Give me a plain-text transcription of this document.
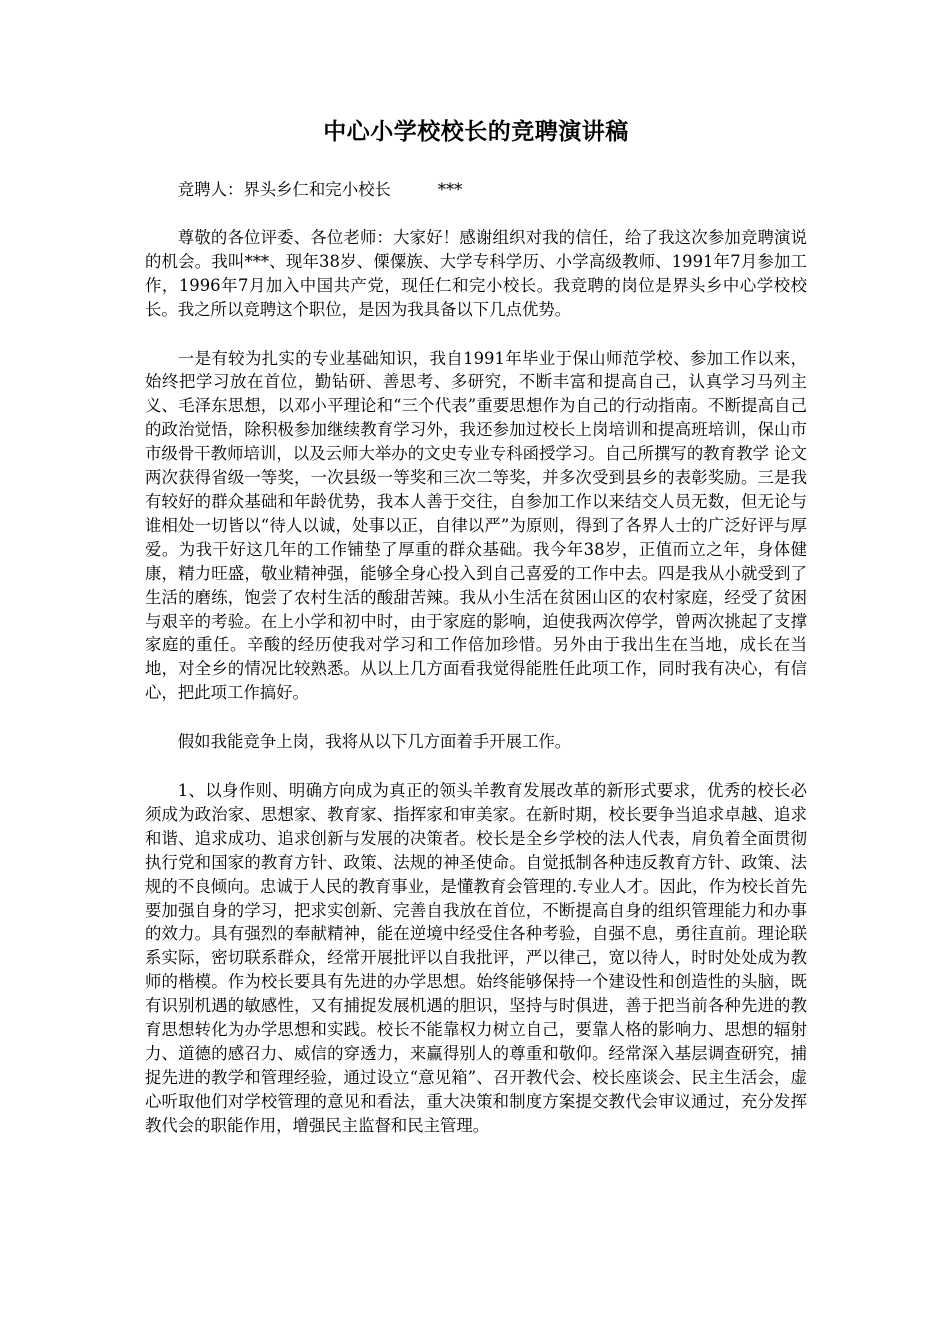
中心小学校校长的竞聘演讲稿

竞聘人：界头乡仁和完小校长         ***

尊敬的各位评委、各位老师：大家好！感谢组织对我的信任，给了我这次参加竞聘演说的机会。我叫***、现年38岁、傈僳族、大学专科学历、小学高级教师、1991年7月参加工作，1996年7月加入中国共产党，现任仁和完小校长。我竞聘的岗位是界头乡中心学校校长。我之所以竞聘这个职位，是因为我具备以下几点优势。

一是有较为扎实的专业基础知识，我自1991年毕业于保山师范学校、参加工作以来，始终把学习放在首位，勤钻研、善思考、多研究，不断丰富和提高自己，认真学习马列主义、毛泽东思想，以邓小平理论和“三个代表”重要思想作为自己的行动指南。不断提高自己的政治觉悟，除积极参加继续教育学习外，我还参加过校长上岗培训和提高班培训，保山市市级骨干教师培训，以及云师大举办的文史专业专科函授学习。自己所撰写的教育教学 论文 两次获得省级一等奖，一次县级一等奖和三次二等奖，并多次受到县乡的表彰奖励。三是我有较好的群众基础和年龄优势，我本人善于交往，自参加工作以来结交人员无数，但无论与谁相处一切皆以“待人以诚，处事以正，自律以严”为原则，得到了各界人士的广泛好评与厚爱。为我干好这几年的工作铺垫了厚重的群众基础。我今年38岁，正值而立之年，身体健康，精力旺盛，敬业精神强，能够全身心投入到自己喜爱的工作中去。四是我从小就受到了生活的磨练，饱尝了农村生活的酸甜苦辣。我从小生活在贫困山区的农村家庭，经受了贫困与艰辛的考验。在上小学和初中时，由于家庭的影响，迫使我两次停学，曾两次挑起了支撑家庭的重任。辛酸的经历使我对学习和工作倍加珍惜。另外由于我出生在当地，成长在当地，对全乡的情况比较熟悉。从以上几方面看我觉得能胜任此项工作，同时我有决心，有信心，把此项工作搞好。

假如我能竞争上岗，我将从以下几方面着手开展工作。

1、以身作则、明确方向成为真正的领头羊教育发展改革的新形式要求，优秀的校长必须成为政治家、思想家、教育家、指挥家和审美家。在新时期，校长要争当追求卓越、追求和谐、追求成功、追求创新与发展的决策者。校长是全乡学校的法人代表，肩负着全面贯彻执行党和国家的教育方针、政策、法规的神圣使命。自觉抵制各种违反教育方针、政策、法规的不良倾向。忠诚于人民的教育事业，是懂教育会管理的.专业人才。因此，作为校长首先要加强自身的学习，把求实创新、完善自我放在首位，不断提高自身的组织管理能力和办事的效力。具有强烈的奉献精神，能在逆境中经受住各种考验，自强不息，勇往直前。理论联系实际，密切联系群众，经常开展批评以自我批评，严以律己，宽以待人，时时处处成为教师的楷模。作为校长要具有先进的办学思想。始终能够保持一个建设性和创造性的头脑，既有识别机遇的敏感性，又有捕捉发展机遇的胆识，坚持与时俱进，善于把当前各种先进的教育思想转化为办学思想和实践。校长不能靠权力树立自己，要靠人格的影响力、思想的辐射力、道德的感召力、威信的穿透力，来赢得别人的尊重和敬仰。经常深入基层调查研究，捕捉先进的教学和管理经验，通过设立“意见箱”、召开教代会、校长座谈会、民主生活会，虚心听取他们对学校管理的意见和看法，重大决策和制度方案提交教代会审议通过，充分发挥教代会的职能作用，增强民主监督和民主管理。
